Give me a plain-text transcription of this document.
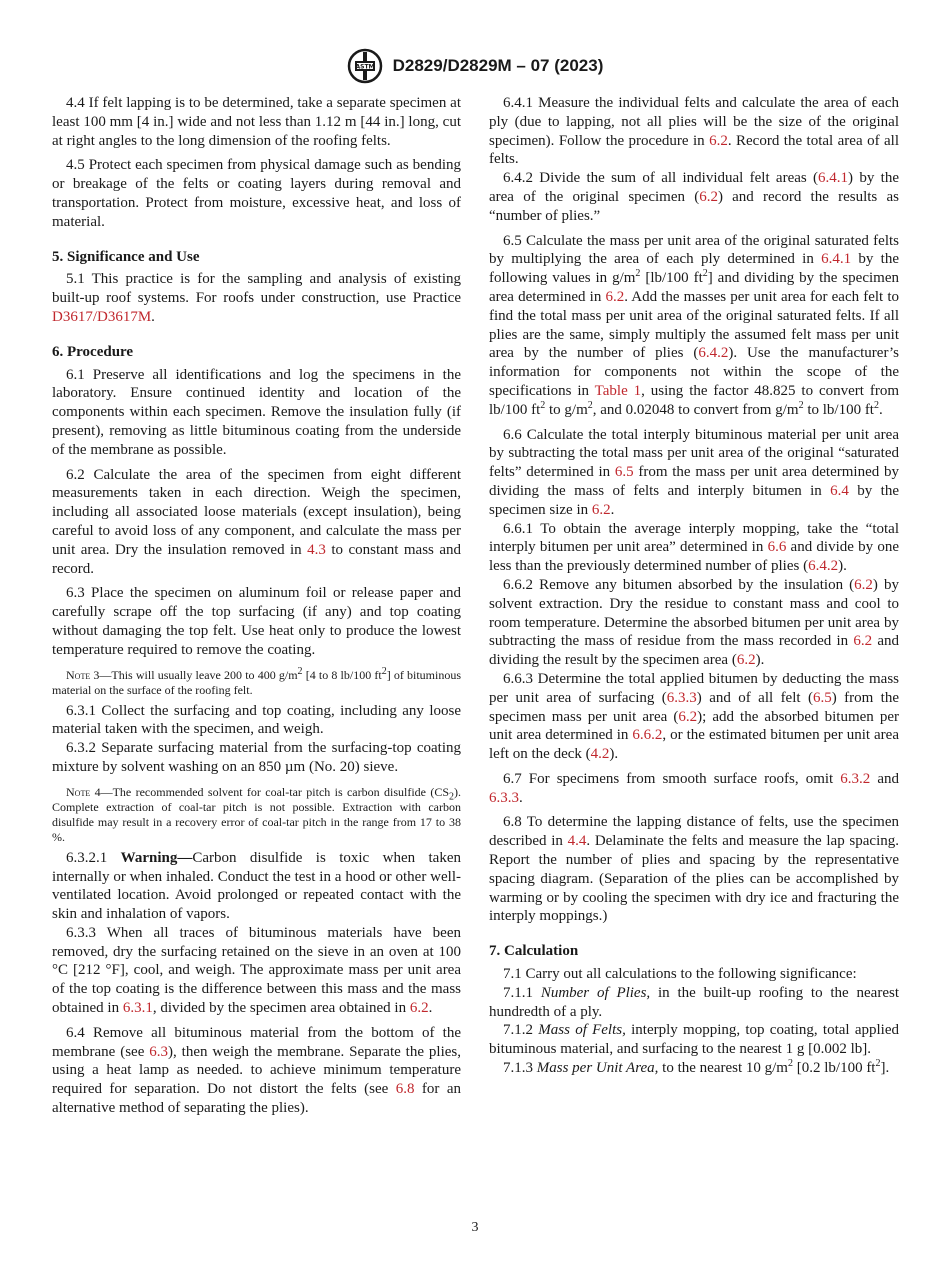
ASTM D2829/D2829M – 07 (2023)

4.4 If felt lapping is to be determined, take a separate specimen at least 100 mm [4 in.] wide and not less than 1.12 m [44 in.] long, cut at right angles to the long dimension of the roofing felts.

4.5 Protect each specimen from physical damage such as bending or breakage of the felts or coating layers during removal and transportation. Protect from moisture, excessive heat, and loss of material.

5. Significance and Use

5.1 This practice is for the sampling and analysis of existing built-up roof systems. For roofs under construction, use Practice D3617/D3617M.

6. Procedure

6.1 Preserve all identifications and log the specimens in the laboratory. Ensure continued identity and location of the components within each specimen. Remove the insulation fully (if present), removing as little bituminous coating from the underside of the membrane as possible.

6.2 Calculate the area of the specimen from eight different measurements taken in each direction. Weigh the specimen, including all associated loose materials (except insulation), being careful to avoid loss of any component, and calculate the mass per unit area. Dry the insulation removed in 4.3 to constant mass and record.

6.3 Place the specimen on aluminum foil or release paper and carefully scrape off the top surfacing (if any) and top coating without damaging the top felt. Use heat only to produce the lowest temperature required to remove the coating.

Note 3—This will usually leave 200 to 400 $g/m^2$ [4 to 8 lb/100 $ft^2$] of bituminous material on the surface of the roofing felt.

6.3.1 Collect the surfacing and top coating, including any loose material taken with the specimen, and weigh.

6.3.2 Separate surfacing material from the surfacing-top coating mixture by solvent washing on an 850 µm (No. 20) sieve.

Note 4—The recommended solvent for coal-tar pitch is carbon disulfide $(CS_2)$. Complete extraction of coal-tar pitch is not possible. Extraction with carbon disulfide may result in a recovery error of coal-tar pitch in the range from 17 to 38 %.

6.3.2.1 Warning—Carbon disulfide is toxic when taken internally or when inhaled. Conduct the test in a hood or other well-ventilated location. Avoid prolonged or repeated contact with the skin and inhalation of vapors.

6.3.3 When all traces of bituminous materials have been removed, dry the surfacing retained on the sieve in an oven at 100 °C [212 °F], cool, and weigh. The approximate mass per unit area of the top coating is the difference between this mass and the mass obtained in 6.3.1, divided by the specimen area obtained in 6.2.

6.4 Remove all bituminous material from the bottom of the membrane (see 6.3), then weigh the membrane. Separate the plies, using a heat lamp as needed. to achieve minimum temperature required for separation. Do not distort the felts (see 6.8 for an alternative method of separating the plies).

6.4.1 Measure the individual felts and calculate the area of each ply (due to lapping, not all plies will be the size of the original specimen). Follow the procedure in 6.2. Record the total area of all felts.

6.4.2 Divide the sum of all individual felt areas (6.4.1) by the area of the original specimen (6.2) and record the results as “number of plies.”

6.5 Calculate the mass per unit area of the original saturated felts by multiplying the area of each ply determined in 6.4.1 by the following values in $g/m^2$ [lb/100 $ft^2$] and dividing by the specimen area determined in 6.2. Add the masses per unit area for each felt to find the total mass per unit area of the original saturated felts. If all plies are the same, simply multiply the assumed felt mass per unit area by the number of plies (6.4.2). Use the manufacturer’s information for components not within the scope of the specifications in Table 1, using the factor 48.825 to convert from lb/100 $ft^2$ to $g/m^2$, and 0.02048 to convert from $g/m^2$ to lb/100 $ft^2$.

6.6 Calculate the total interply bituminous material per unit area by subtracting the total mass per unit area of the original “saturated felts” determined in 6.5 from the mass per unit area determined by dividing the mass of felts and interply bitumen in 6.4 by the specimen size in 6.2.

6.6.1 To obtain the average interply mopping, take the “total interply bitumen per unit area” determined in 6.6 and divide by one less than the previously determined number of plies (6.4.2).

6.6.2 Remove any bitumen absorbed by the insulation (6.2) by solvent extraction. Dry the residue to constant mass and cool to room temperature. Determine the absorbed bitumen per unit area by subtracting the mass of residue from the mass recorded in 6.2 and dividing the result by the specimen area (6.2).

6.6.3 Determine the total applied bitumen by deducting the mass per unit area of surfacing (6.3.3) and of all felt (6.5) from the specimen mass per unit area (6.2); add the absorbed bitumen per unit area determined in 6.6.2, or the estimated bitumen per unit area left on the deck (4.2).

6.7 For specimens from smooth surface roofs, omit 6.3.2 and 6.3.3.

6.8 To determine the lapping distance of felts, use the specimen described in 4.4. Delaminate the felts and measure the lap spacing. Report the number of plies and spacing by the representative spacing diagram. (Separation of the plies can be accomplished by warming or by cooling the specimen with dry ice and fracturing the interply moppings.)

7. Calculation

7.1 Carry out all calculations to the following significance:

7.1.1 Number of Plies, in the built-up roofing to the nearest hundredth of a ply.

7.1.2 Mass of Felts, interply mopping, top coating, total applied bituminous material, and surfacing to the nearest 1 g [0.002 lb].

7.1.3 Mass per Unit Area, to the nearest 10 $g/m^2$ [0.2 lb/100 $ft^2$].

3
